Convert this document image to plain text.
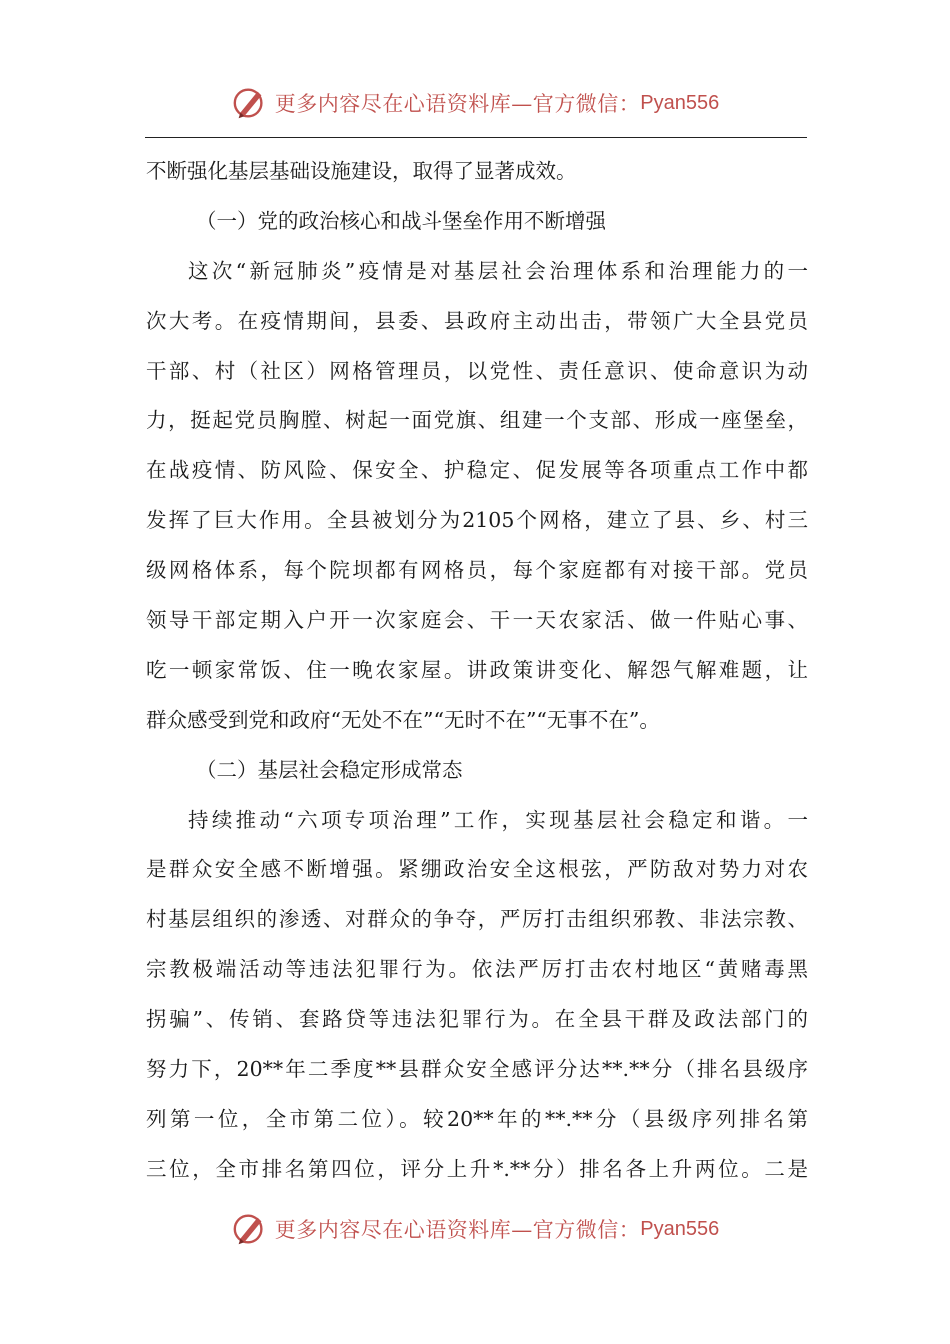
更多内容尽在心语资料库—官方微信： Pyan556
不断强化基层基础设施建设，取得了显著成效。
（一）党的政治核心和战斗堡垒作用不断增强
这次“新冠肺炎”疫情是对基层社会治理体系和治理能力的一
次大考。在疫情期间，县委、县政府主动出击，带领广大全县党员
干部、村（社区）网格管理员，以党性、责任意识、使命意识为动
力，挺起党员胸膛、树起一面党旗、组建一个支部、形成一座堡垒，
在战疫情、防风险、保安全、护稳定、促发展等各项重点工作中都
发挥了巨大作用。全县被划分为2105个网格，建立了县、乡、村三
级网格体系，每个院坝都有网格员，每个家庭都有对接干部。党员
领导干部定期入户开一次家庭会、干一天农家活、做一件贴心事、
吃一顿家常饭、住一晚农家屋。讲政策讲变化、解怨气解难题，让
群众感受到党和政府“无处不在”“无时不在”“无事不在”。
（二）基层社会稳定形成常态
持续推动“六项专项治理”工作，实现基层社会稳定和谐。一
是群众安全感不断增强。紧绷政治安全这根弦，严防敌对势力对农
村基层组织的渗透、对群众的争夺，严厉打击组织邪教、非法宗教、
宗教极端活动等违法犯罪行为。依法严厉打击农村地区“黄赌毒黑
拐骗”、传销、套路贷等违法犯罪行为。在全县干群及政法部门的
努力下，20**年二季度**县群众安全感评分达**.**分（排名县级序
列第一位，全市第二位）。较20**年的**.**分（县级序列排名第
三位，全市排名第四位，评分上升*.**分）排名各上升两位。二是
更多内容尽在心语资料库—官方微信： Pyan556
